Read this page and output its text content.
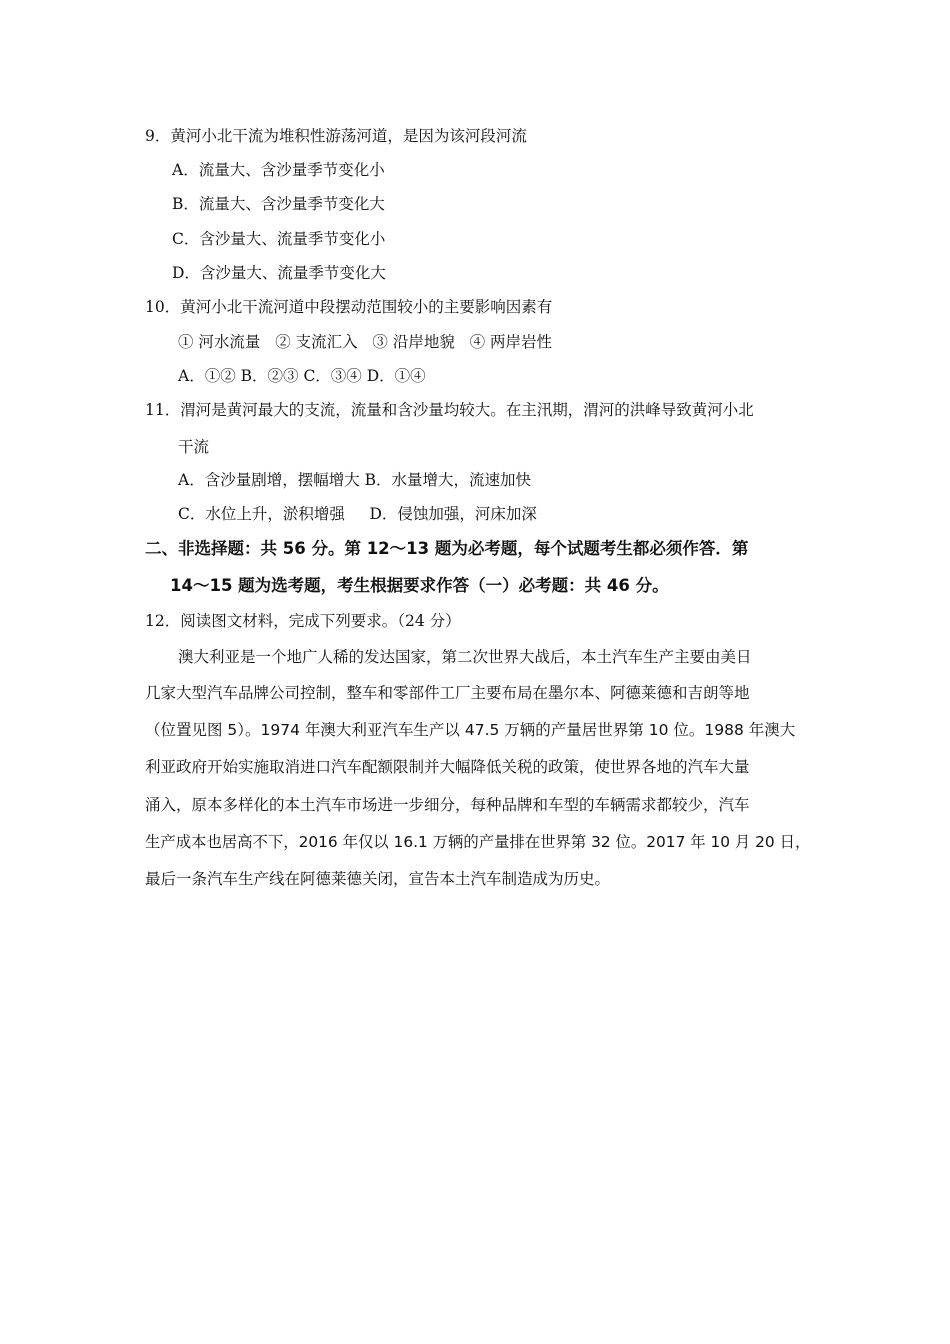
9．黄河小北干流为堆积性游荡河道，是因为该河段河流
A．流量大、含沙量季节变化小
B．流量大、含沙量季节变化大
C．含沙量大、流量季节变化小
D．含沙量大、流量季节变化大
10．黄河小北干流河道中段摆动范围较小的主要影响因素有
① 河水流量   ② 支流汇入   ③ 沿岸地貌   ④ 两岸岩性
A．①② B．②③ C．③④ D．①④
11．渭河是黄河最大的支流，流量和含沙量均较大。在主汛期，渭河的洪峰导致黄河小北
干流
A．含沙量剧增，摆幅增大 B．水量增大，流速加快
C．水位上升，淤积增强     D．侵蚀加强，河床加深
二、非选择题：共 56 分。第 12～13 题为必考题，每个试题考生都必须作答．第
14～15 题为选考题，考生根据要求作答（一）必考题：共 46 分。
12．阅读图文材料，完成下列要求。（24 分）
澳大利亚是一个地广人稀的发达国家，第二次世界大战后，本土汽车生产主要由美日
几家大型汽车品牌公司控制，整车和零部件工厂主要布局在墨尔本、阿德莱德和吉朗等地
（位置见图 5）。1974 年澳大利亚汽车生产以 47.5 万辆的产量居世界第 10 位。1988 年澳大
利亚政府开始实施取消进口汽车配额限制并大幅降低关税的政策，使世界各地的汽车大量
涌入，原本多样化的本土汽车市场进一步细分，每种品牌和车型的车辆需求都较少，汽车
生产成本也居高不下，2016 年仅以 16.1 万辆的产量排在世界第 32 位。2017 年 10 月 20 日，
最后一条汽车生产线在阿德莱德关闭，宣告本土汽车制造成为历史。
